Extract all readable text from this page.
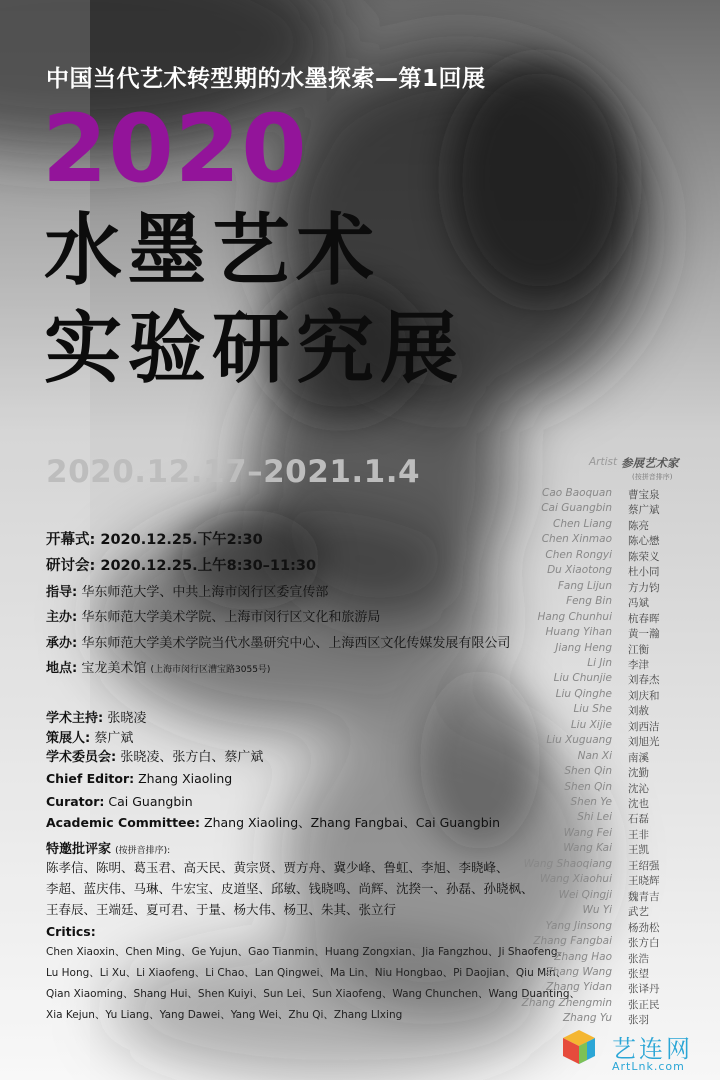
中国当代艺术转型期的水墨探索—第1回展
2020
水墨艺术
实验研究展
2020.12.17–2021.1.4
开幕式: 2020.12.25.下午2:30
研讨会: 2020.12.25.上午8:30–11:30
指导: 华东师范大学、中共上海市闵行区委宣传部
主办: 华东师范大学美术学院、上海市闵行区文化和旅游局
承办: 华东师范大学美术学院当代水墨研究中心、上海西区文化传媒发展有限公司
地点: 宝龙美术馆 (上海市闵行区漕宝路3055号)
学术主持: 张晓凌
策展人: 蔡广斌
学术委员会: 张晓凌、张方白、蔡广斌
Chief Editor: Zhang Xiaoling
Curator: Cai Guangbin
Academic Committee: Zhang Xiaoling、Zhang Fangbai、Cai Guangbin
特邀批评家 (按拼音排序):
陈孝信、陈明、葛玉君、高天民、黄宗贤、贾方舟、冀少峰、鲁虹、李旭、李晓峰、
李超、蓝庆伟、马琳、牛宏宝、皮道坚、邱敏、钱晓鸣、尚辉、沈揆一、孙磊、孙晓枫、
王春辰、王端廷、夏可君、于量、杨大伟、杨卫、朱其、张立行
Critics:
Chen Xiaoxin、Chen Ming、Ge Yujun、Gao Tianmin、Huang Zongxian、Jia Fangzhou、Ji Shaofeng、
Lu Hong、Li Xu、Li Xiaofeng、Li Chao、Lan Qingwei、Ma Lin、Niu Hongbao、Pi Daojian、Qiu Min、
Qian Xiaoming、Shang Hui、Shen Kuiyi、Sun Lei、Sun Xiaofeng、Wang Chunchen、Wang Duanting、
Xia Kejun、Yu Liang、Yang Dawei、Yang Wei、Zhu Qi、Zhang LIxing
Artist 参展艺术家
(按拼音排序)
Cao Baoquan 曹宝泉
Cai Guangbin 蔡广斌
Chen Liang 陈亮
Chen Xinmao 陈心懋
Chen Rongyi 陈荣义
Du Xiaotong 杜小同
Fang Lijun 方力钧
Feng Bin 冯斌
Hang Chunhui 杭春晖
Huang Yihan 黄一瀚
Jiang Heng 江衡
Li Jin 李津
Liu Chunjie 刘春杰
Liu Qinghe 刘庆和
Liu She 刘赦
Liu Xijie 刘西洁
Liu Xuguang 刘旭光
Nan Xi 南溪
Shen Qin 沈勤
Shen Qin 沈沁
Shen Ye 沈也
Shi Lei 石磊
Wang Fei 王非
Wang Kai 王凯
Wang Shaoqiang 王绍强
Wang Xiaohui 王晓辉
Wei Qingji 魏青吉
Wu Yi 武艺
Yang Jinsong 杨劲松
Zhang Fangbai 张方白
Zhang Hao 张浩
Zhang Wang 张望
Zhang Yidan 张译丹
Zhang Zhengmin 张正民
Zhang Yu 张羽
艺连网
ArtLnk.com
